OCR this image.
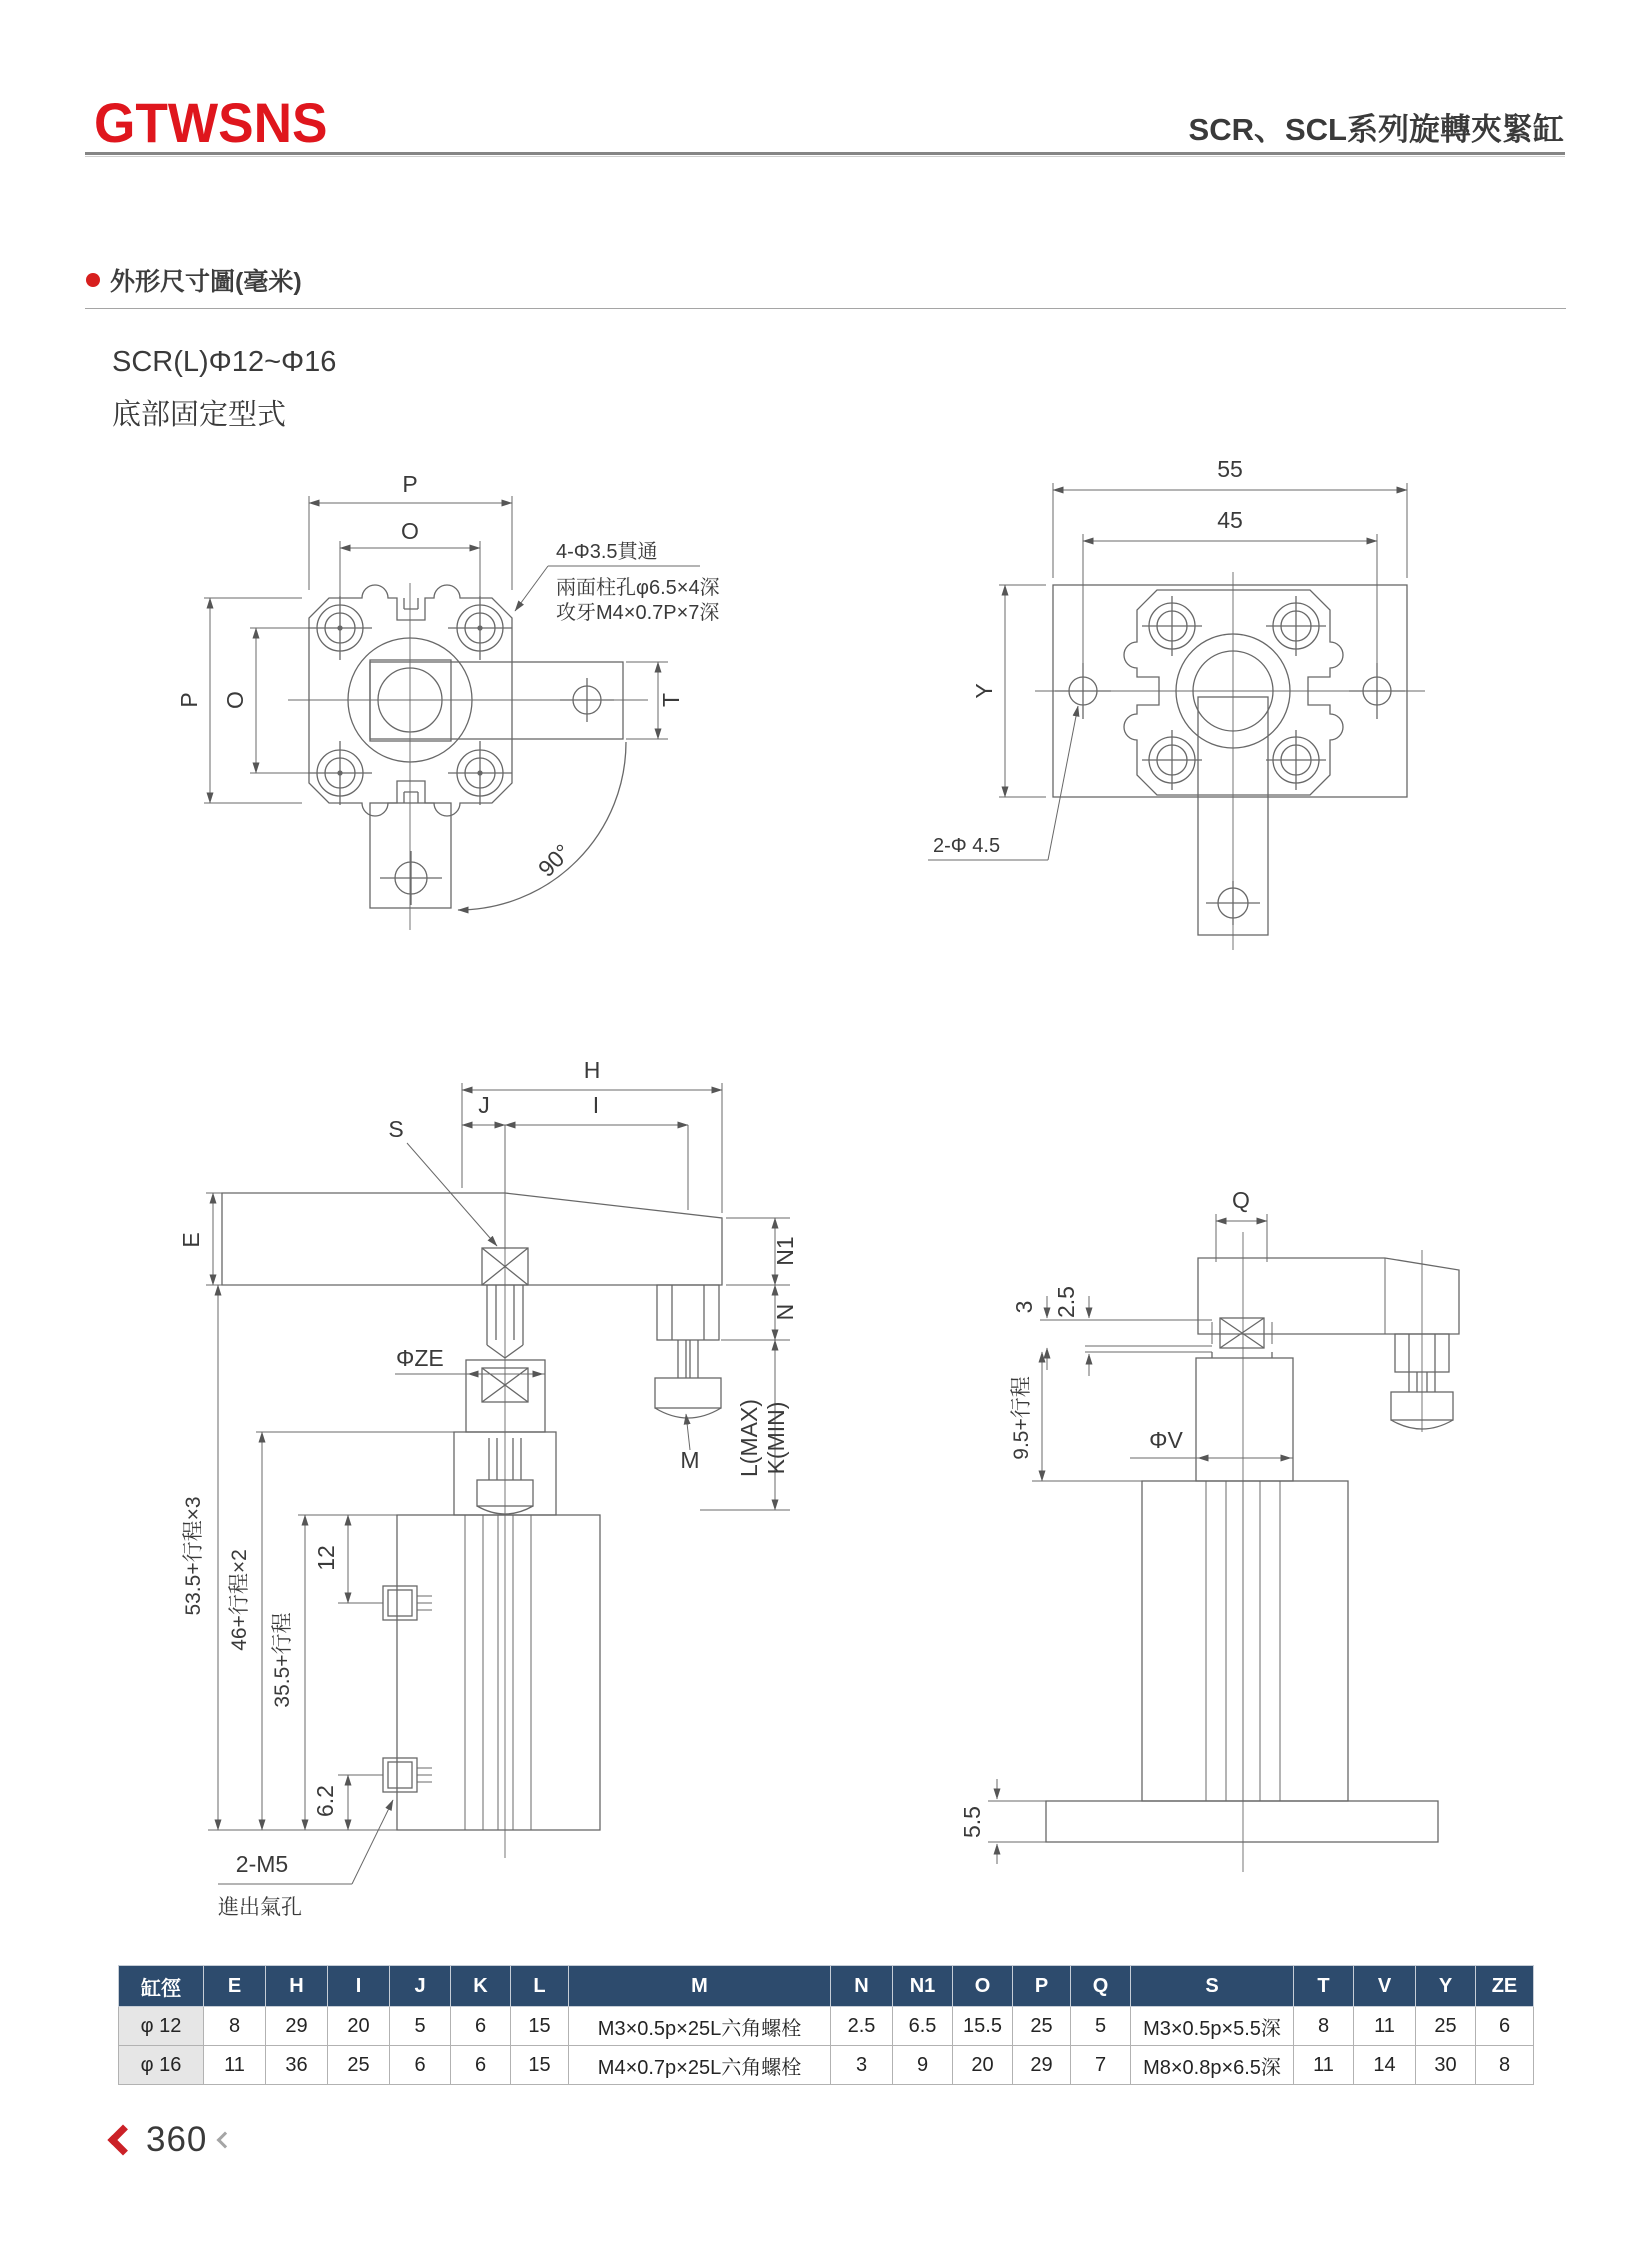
GTWSNS	SCR、SCL系列旋轉夾緊缸
外形尺寸圖(毫米)
SCR(L)Φ12~Φ16
底部固定型式
P
O
P O	T
90°
4-Φ3.5貫通
兩面柱孔φ6.5×4深
攻牙M4×0.7P×7深
55
45
Y
2-Φ 4.5
H
J	I
S
E	N1
N
ΦZE
M L(MAX) K(MIN)
53.5+行程×3 46+行程×2
35.5+行程
12
6.2
2-M5
進出氣孔
Q
3 2.5
9.5+行程	ΦV
5.5
缸徑	E	H	I	J	K	L	M	N	N1	O	P	Q	S	T	V	Y	ZE
φ 12	8	29	20	5	6	15	M3×0.5p×25L六角螺栓	2.5	6.5	15.5	25	5	M3×0.5p×5.5深	8	11	25	6
φ 16	11	36	25	6	6	15	M4×0.7p×25L六角螺栓	3	9	20	29	7	M8×0.8p×6.5深	11	14	30	8
360
